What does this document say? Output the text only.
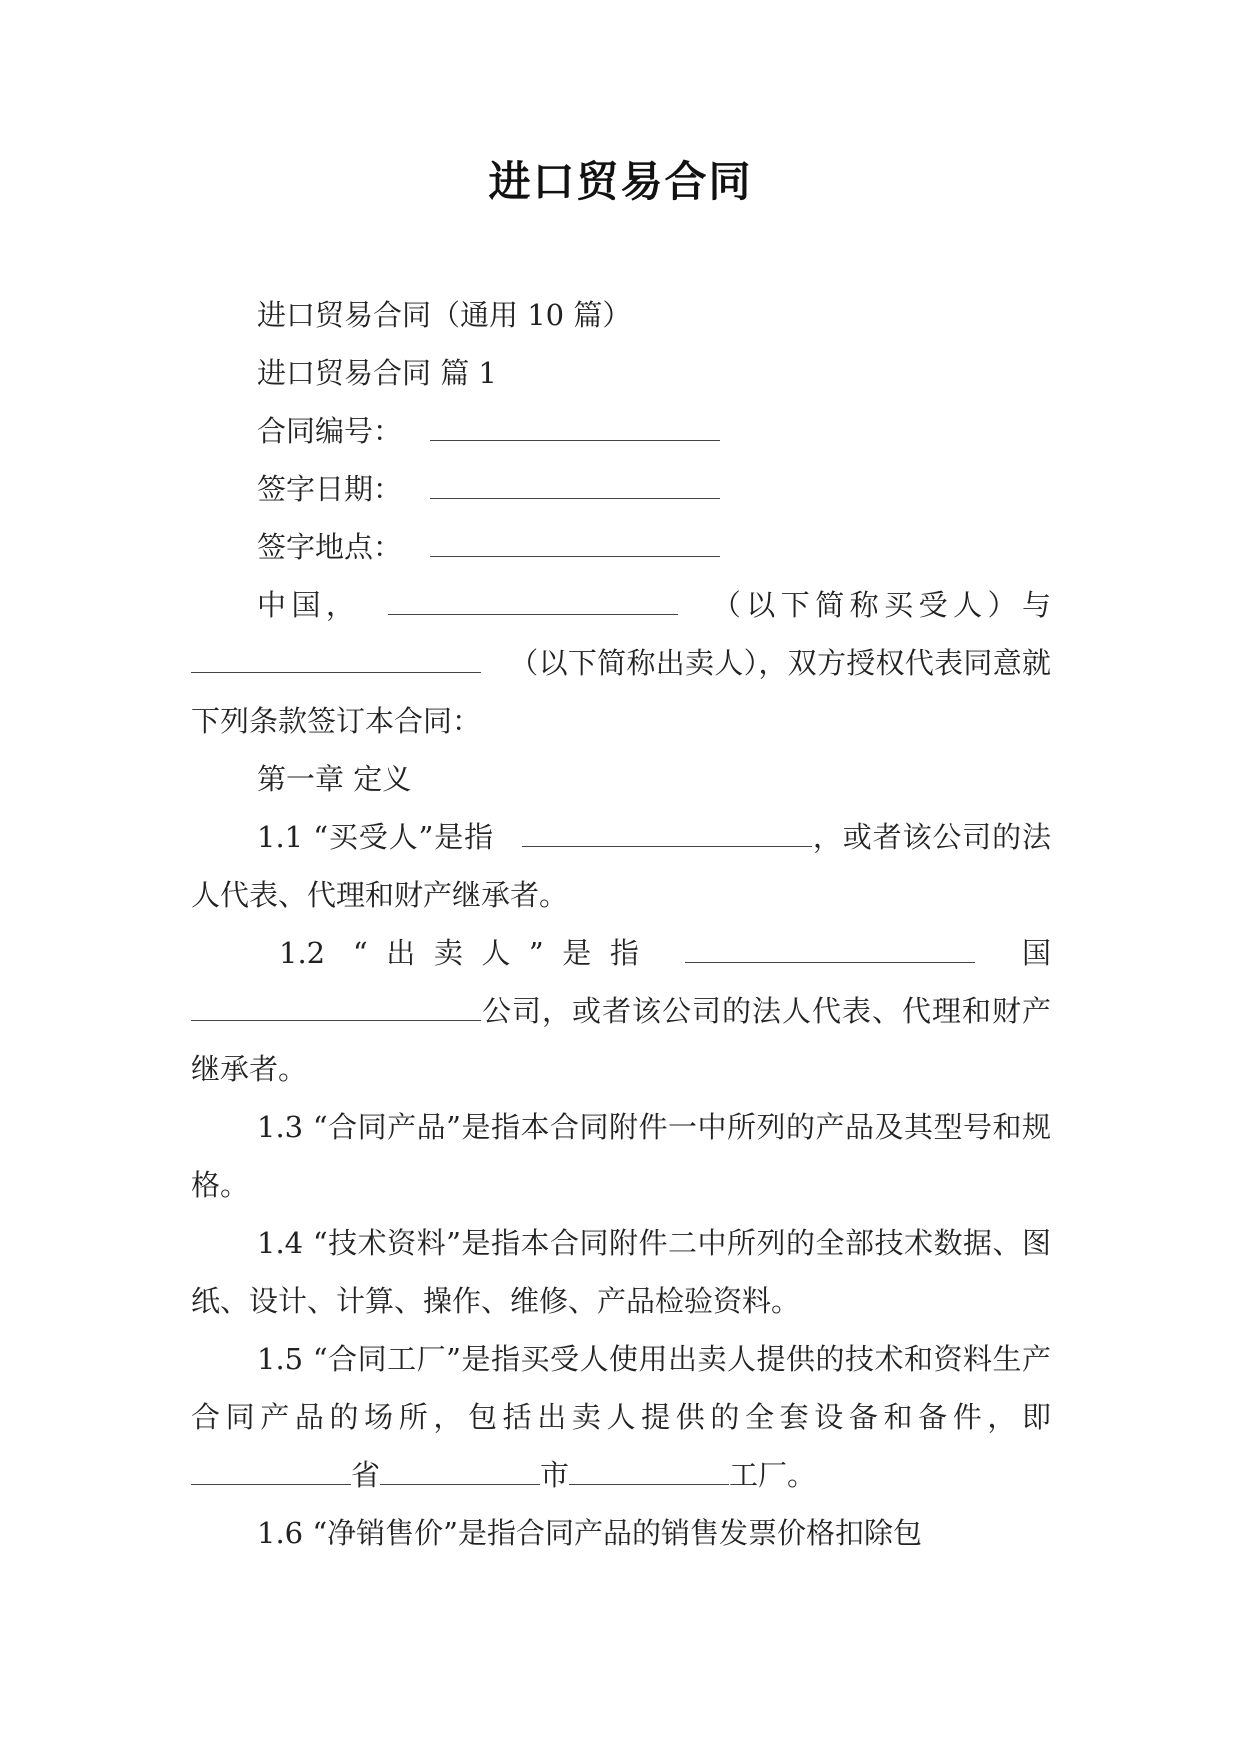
进口贸易合同

进口贸易合同（通用 10 篇）

进口贸易合同 篇 1

合同编号：

签字日期：

签字地点：

中国，	（以下简称买受人）与（以下简称出卖人），双方授权代表同意就下列条款签订本合同：

第一章 定义

1.1 “买受人”是指	，或者该公司的法人代表、代理和财产继承者。

1.2 “出卖人”是指	国公司，或者该公司的法人代表、代理和财产继承者。

1.3 “合同产品”是指本合同附件一中所列的产品及其型号和规格。

1.4 “技术资料”是指本合同附件二中所列的全部技术数据、图纸、设计、计算、操作、维修、产品检验资料。

1.5 “合同工厂”是指买受人使用出卖人提供的技术和资料生产合同产品的场所，包括出卖人提供的全套设备和备件，即省	市	工厂。

1.6 “净销售价”是指合同产品的销售发票价格扣除包
